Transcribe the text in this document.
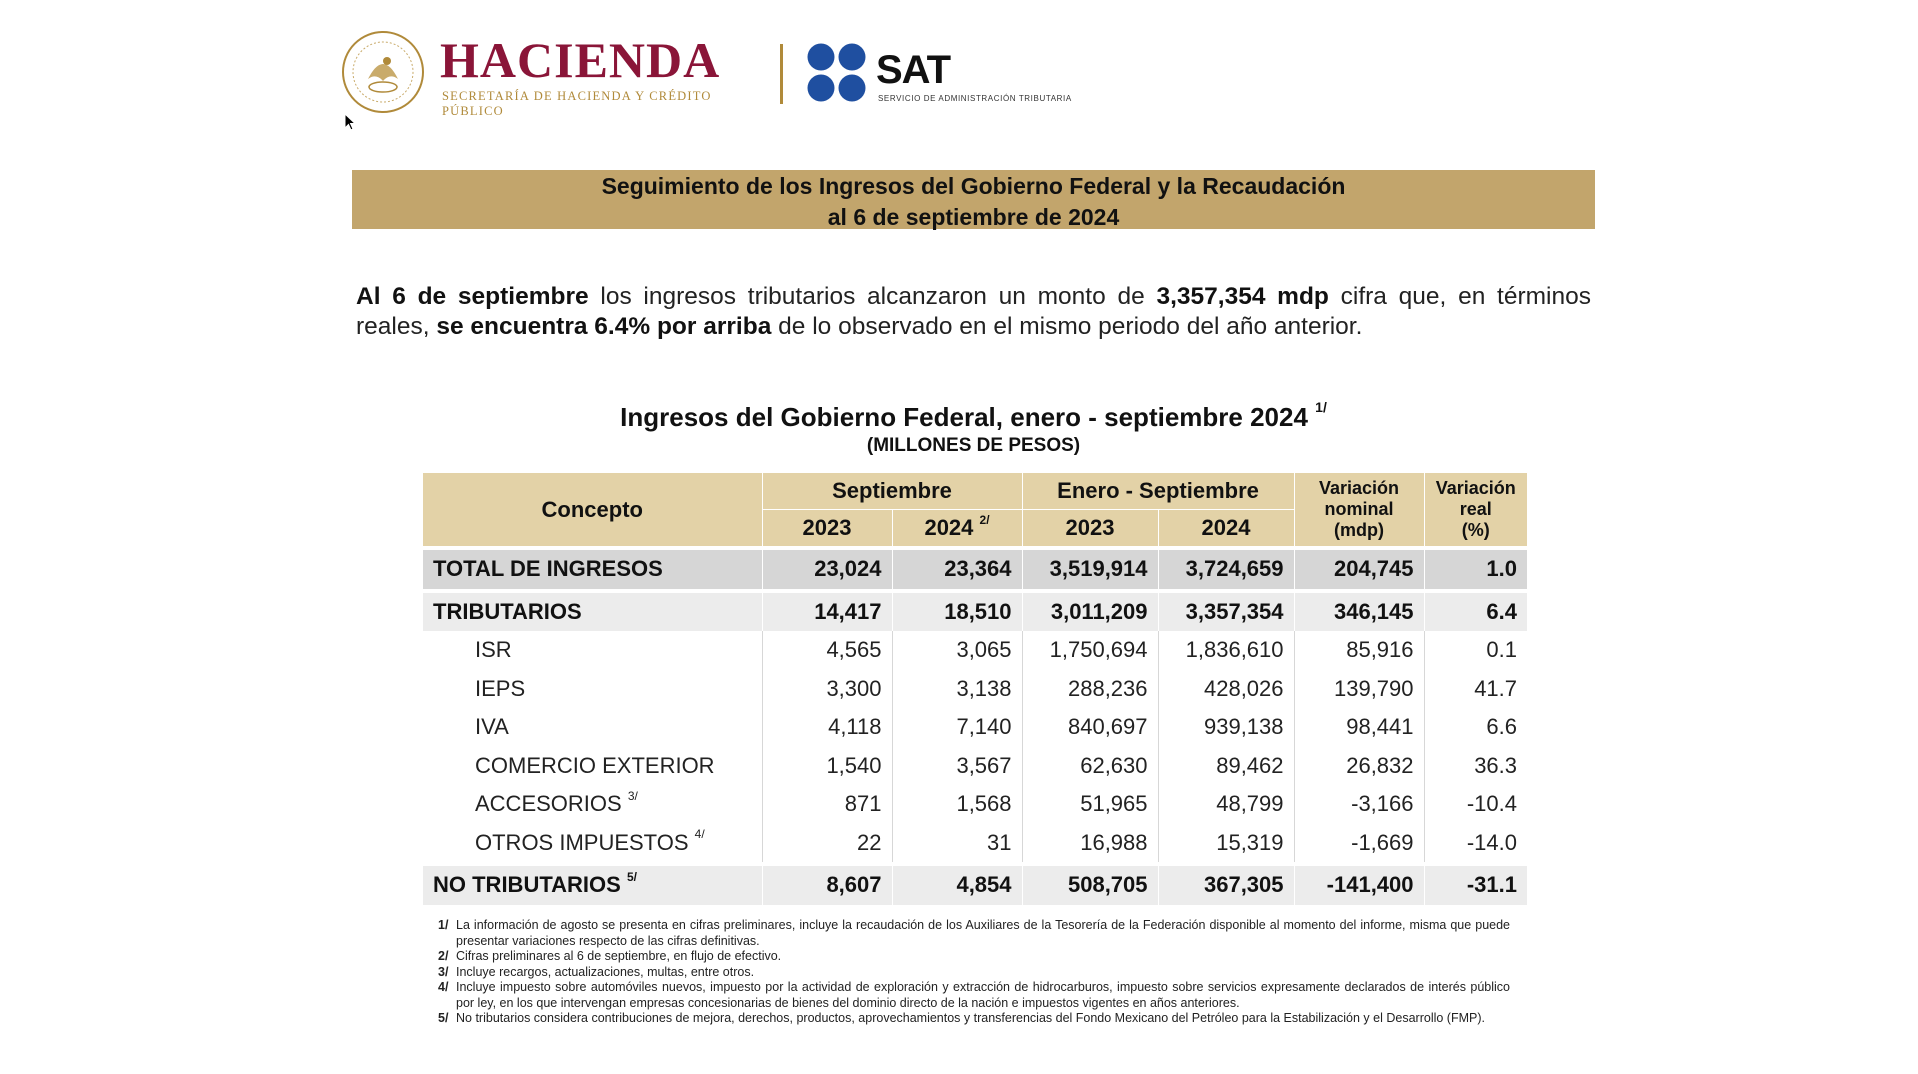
HACIENDA
SECRETARÍA DE HACIENDA Y CRÉDITO PÚBLICO
SAT
SERVICIO DE ADMINISTRACIÓN TRIBUTARIA
Seguimiento de los Ingresos del Gobierno Federal y la Recaudación
al 6 de septiembre de 2024
Al 6 de septiembre los ingresos tributarios alcanzaron un monto de 3,357,354 mdp cifra que, en términos reales, se encuentra 6.4% por arriba de lo observado en el mismo periodo del año anterior.
Ingresos del Gobierno Federal, enero - septiembre 2024 $^{1/}$
(MILLONES DE PESOS)
Concepto	Septiembre		Enero - Septiembre		Variación
nominal
(mdp)	Variación
real
(%)
	2023	2024 $^{2/}$	2023	2024		

TOTAL DE INGRESOS	23,024	23,364	3,519,914	3,724,659	204,745	1.0

TRIBUTARIOS	14,417	18,510	3,011,209	3,357,354	346,145	6.4
ISR	4,565	3,065	1,750,694	1,836,610	85,916	0.1
IEPS	3,300	3,138	288,236	428,026	139,790	41.7
IVA	4,118	7,140	840,697	939,138	98,441	6.6
COMERCIO EXTERIOR	1,540	3,567	62,630	89,462	26,832	36.3
ACCESORIOS $^{3/}$	871	1,568	51,965	48,799	-3,166	-10.4
OTROS IMPUESTOS $^{4/}$	22	31	16,988	15,319	-1,669	-14.0

NO TRIBUTARIOS $^{5/}$	8,607	4,854	508,705	367,305	-141,400	-31.1
1/ La información de agosto se presenta en cifras preliminares, incluye la recaudación de los Auxiliares de la Tesorería de la Federación disponible al momento del informe, misma que puede presentar variaciones respecto de las cifras definitivas.
2/ Cifras preliminares al 6 de septiembre, en flujo de efectivo.
3/ Incluye recargos, actualizaciones, multas, entre otros.
4/ Incluye impuesto sobre automóviles nuevos, impuesto por la actividad de exploración y extracción de hidrocarburos, impuesto sobre servicios expresamente declarados de interés público por ley, en los que intervengan empresas concesionarias de bienes del dominio directo de la nación e impuestos vigentes en años anteriores.
5/ No tributarios considera contribuciones de mejora, derechos, productos, aprovechamientos y transferencias del Fondo Mexicano del Petróleo para la Estabilización y el Desarrollo (FMP).
